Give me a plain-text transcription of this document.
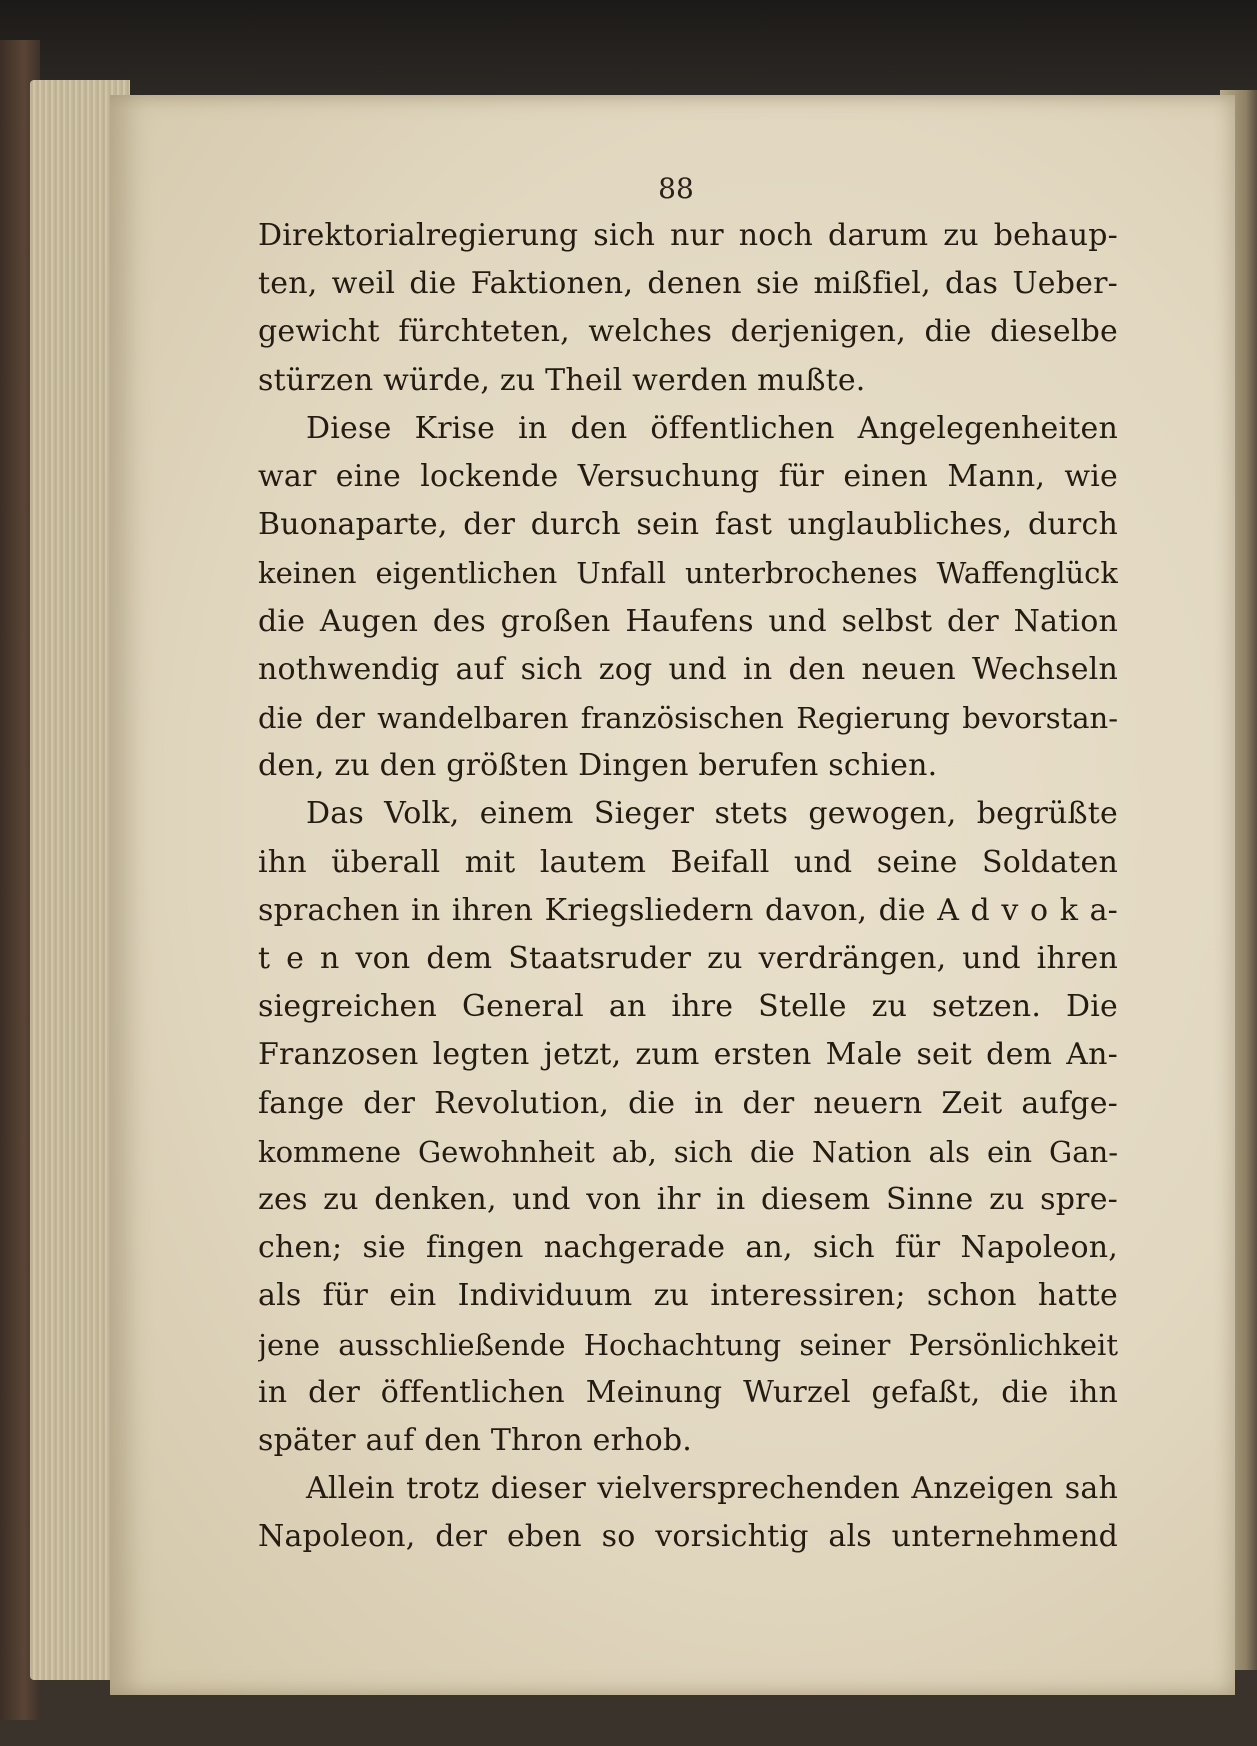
88
Direktorialregierung sich nur noch darum zu behaup-
ten, weil die Faktionen, denen sie mißfiel, das Ueber-
gewicht fürchteten, welches derjenigen, die dieselbe
stürzen würde, zu Theil werden mußte.
Diese Krise in den öffentlichen Angelegenheiten
war eine lockende Versuchung für einen Mann, wie
Buonaparte, der durch sein fast unglaubliches, durch
keinen eigentlichen Unfall unterbrochenes Waffenglück
die Augen des großen Haufens und selbst der Nation
nothwendig auf sich zog und in den neuen Wechseln
die der wandelbaren französischen Regierung bevorstan-
den, zu den größten Dingen berufen schien.
Das Volk, einem Sieger stets gewogen, begrüßte
ihn überall mit lautem Beifall und seine Soldaten
sprachen in ihren Kriegsliedern davon, die A d v o k a-
t e n von dem Staatsruder zu verdrängen, und ihren
siegreichen General an ihre Stelle zu setzen. Die
Franzosen legten jetzt, zum ersten Male seit dem An-
fange der Revolution, die in der neuern Zeit aufge-
kommene Gewohnheit ab, sich die Nation als ein Gan-
zes zu denken, und von ihr in diesem Sinne zu spre-
chen; sie fingen nachgerade an, sich für Napoleon,
als für ein Individuum zu interessiren; schon hatte
jene ausschließende Hochachtung seiner Persönlichkeit
in der öffentlichen Meinung Wurzel gefaßt, die ihn
später auf den Thron erhob.
Allein trotz dieser vielversprechenden Anzeigen sah
Napoleon, der eben so vorsichtig als unternehmend
